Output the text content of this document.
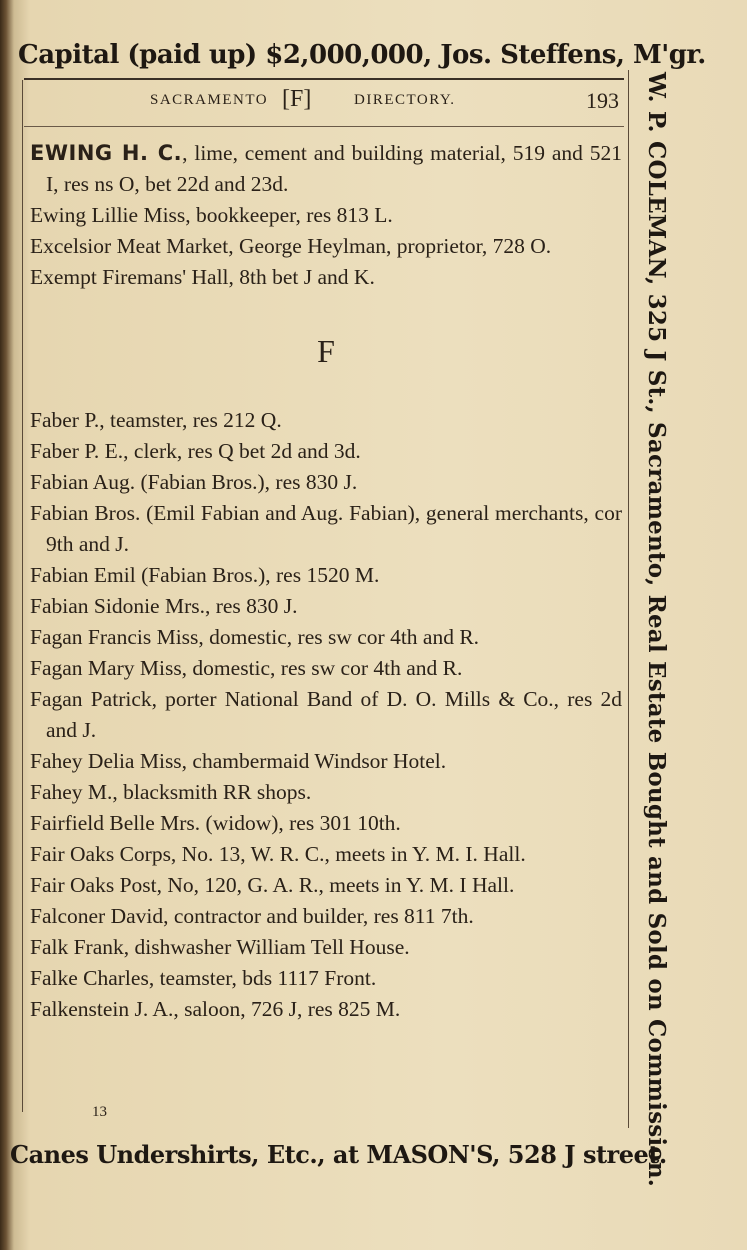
Capital (paid up) $2,000,000, Jos. Steffens, M'gr.
SACRAMENTO [F]	DIRECTORY.	193
EWING H. C., lime, cement and building material, 519 and 521 I, res ns O, bet 22d and 23d.
Ewing Lillie Miss, bookkeeper, res 813 L.
Excelsior Meat Market, George Heylman, proprietor, 728 O.
Exempt Firemans' Hall, 8th bet J and K.
F
Faber P., teamster, res 212 Q.
Faber P. E., clerk, res Q bet 2d and 3d.
Fabian Aug. (Fabian Bros.), res 830 J.
Fabian Bros. (Emil Fabian and Aug. Fabian), general merchants, cor 9th and J.
Fabian Emil (Fabian Bros.), res 1520 M.
Fabian Sidonie Mrs., res 830 J.
Fagan Francis Miss, domestic, res sw cor 4th and R.
Fagan Mary Miss, domestic, res sw cor 4th and R.
Fagan Patrick, porter National Band of D. O. Mills & Co., res 2d and J.
Fahey Delia Miss, chambermaid Windsor Hotel.
Fahey M., blacksmith RR shops.
Fairfield Belle Mrs. (widow), res 301 10th.
Fair Oaks Corps, No. 13, W. R. C., meets in Y. M. I. Hall.
Fair Oaks Post, No, 120, G. A. R., meets in Y. M. I Hall.
Falconer David, contractor and builder, res 811 7th.
Falk Frank, dishwasher William Tell House.
Falke Charles, teamster, bds 1117 Front.
Falkenstein J. A., saloon, 726 J, res 825 M.
13	W. P. COLEMAN, 325 J St., Sacramento, Real Estate Bought and Sold on Commission.
Canes Undershirts, Etc., at MASON'S, 528 J street.
